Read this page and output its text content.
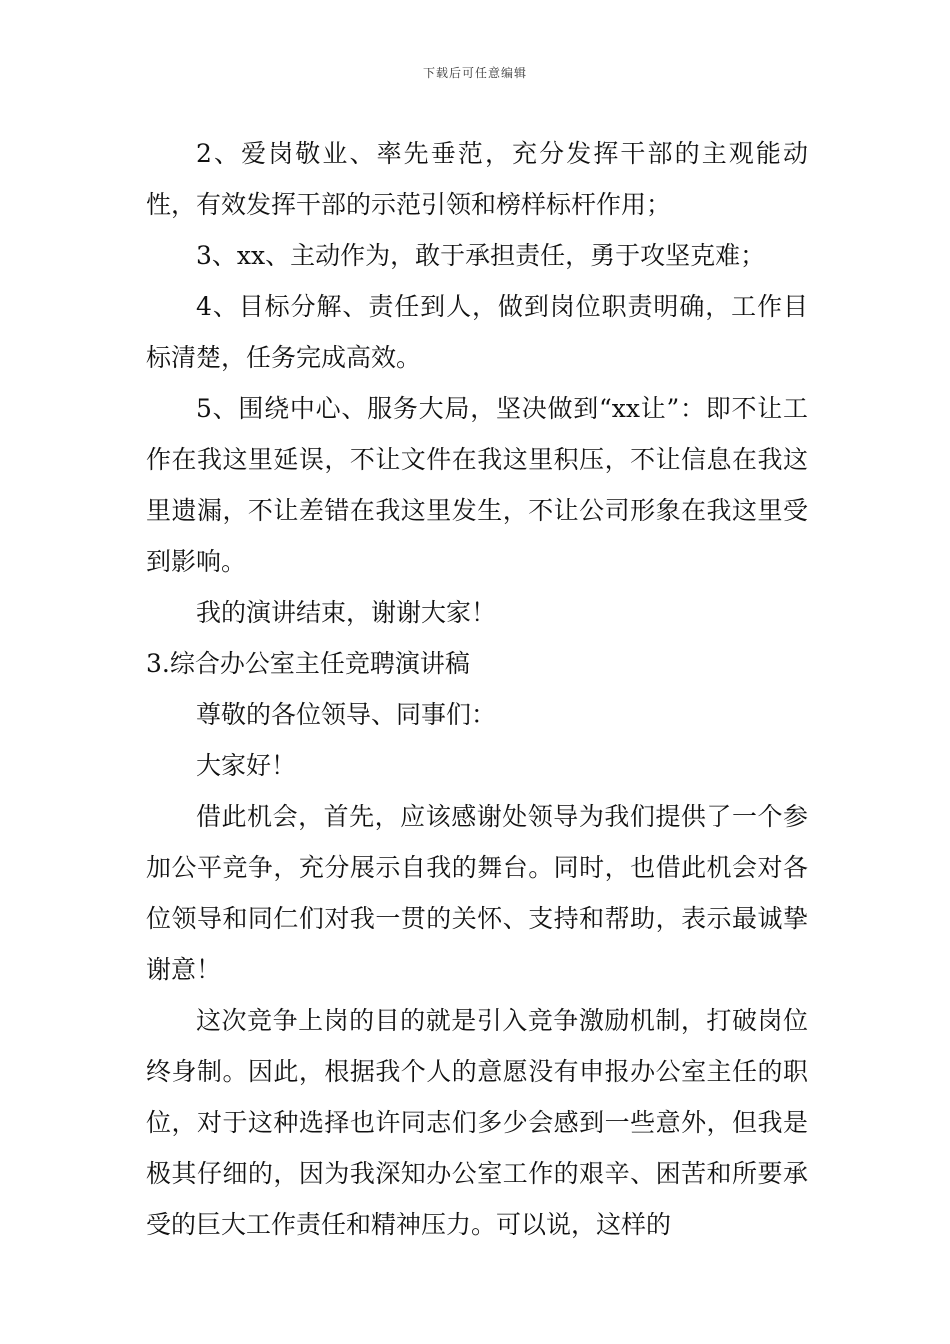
下载后可任意编辑

2、爱岗敬业、率先垂范，充分发挥干部的主观能动性，有效发挥干部的示范引领和榜样标杆作用；

3、xx、主动作为，敢于承担责任，勇于攻坚克难；

4、目标分解、责任到人，做到岗位职责明确，工作目标清楚，任务完成高效。

5、围绕中心、服务大局，坚决做到“xx让”：即不让工作在我这里延误，不让文件在我这里积压，不让信息在我这里遗漏，不让差错在我这里发生，不让公司形象在我这里受到影响。

我的演讲结束，谢谢大家！

3.综合办公室主任竞聘演讲稿

尊敬的各位领导、同事们：

大家好！

借此机会，首先，应该感谢处领导为我们提供了一个参加公平竞争，充分展示自我的舞台。同时，也借此机会对各位领导和同仁们对我一贯的关怀、支持和帮助，表示最诚挚谢意！

这次竞争上岗的目的就是引入竞争激励机制，打破岗位终身制。因此，根据我个人的意愿没有申报办公室主任的职位，对于这种选择也许同志们多少会感到一些意外，但我是极其仔细的，因为我深知办公室工作的艰辛、困苦和所要承受的巨大工作责任和精神压力。可以说，这样的
